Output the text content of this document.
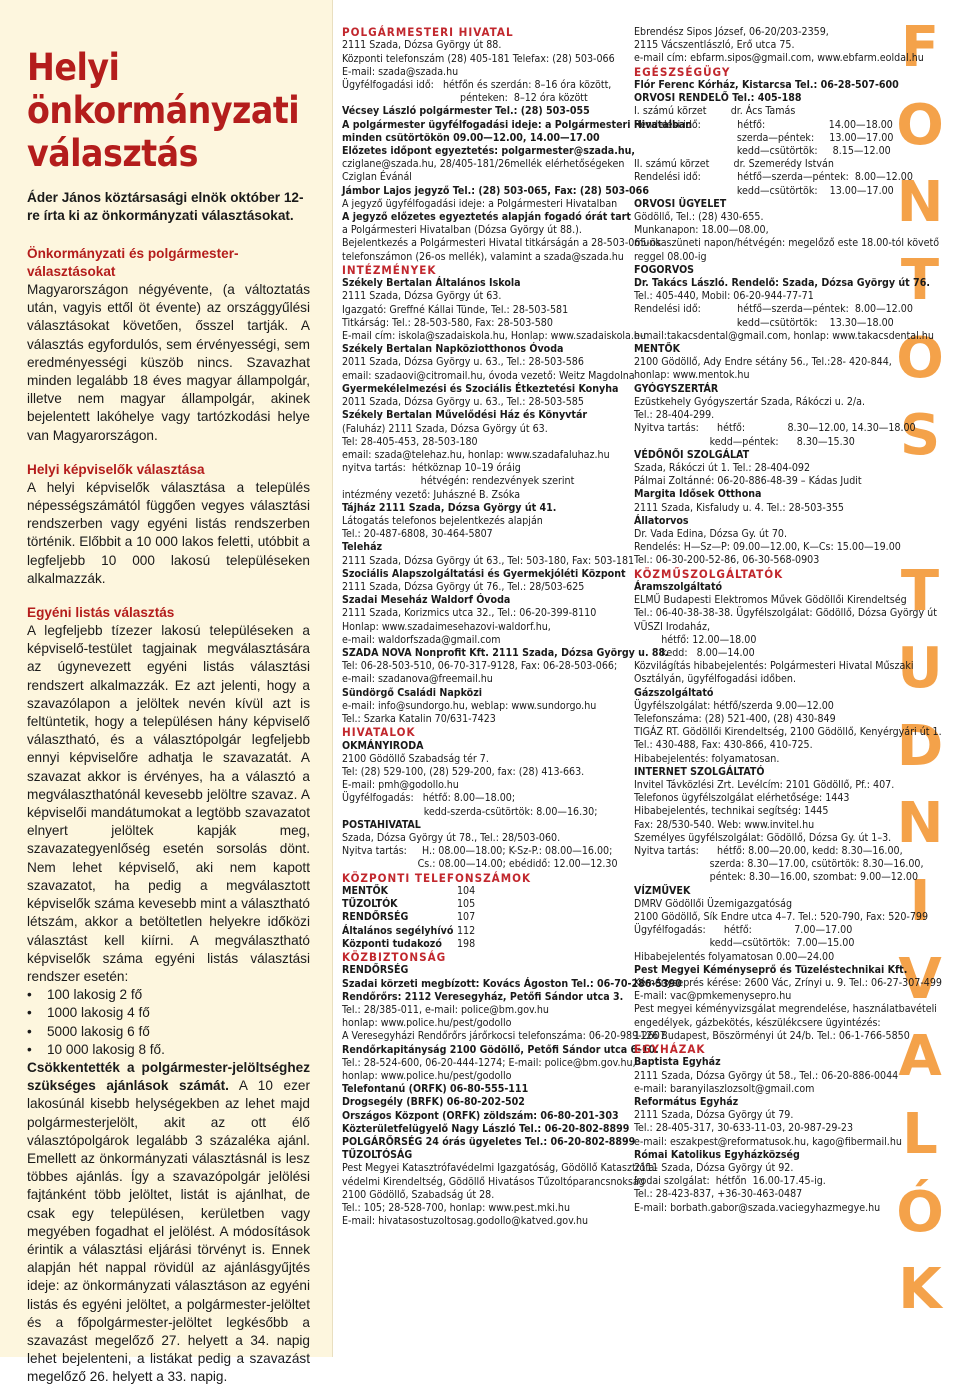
Helyi
önkormányzati
választás
Áder János köztársasági elnök október 12-re írta ki az önkormányzati választásokat.
Önkormányzati és polgármester-választásokat

Magyarországon négyévente, (a változtatás után, vagyis ettől öt évente) az országgyűlési választásokat követően, ősszel tartják. A választás egyfordulós, sem érvényességi, sem eredményességi küszöb nincs. Szavazhat minden legalább 18 éves magyar állampolgár, illetve nem magyar állampolgár, akinek bejelentett lakóhelye vagy tartózkodási helye van Magyarországon.

Helyi képviselők választása

A helyi képviselők választása a település népességszámától függően vegyes választási rendszerben vagy egyéni listás rendszerben történik. Előbbit a 10 000 lakos feletti, utóbbit a legfeljebb 10 000 lakosú településeken alkalmazzák.

Egyéni listás választás

A legfeljebb tízezer lakosú településeken a képviselő-testület tagjainak megválasztására az úgynevezett egyéni listás választási rendszert alkalmazzák. Ez azt jelenti, hogy a szavazólapon a jelöltek nevén kívül azt is feltüntetik, hogy a településen hány képviselő választható, és a választópolgár legfeljebb ennyi képviselőre adhatja le szavazatát. A szavazat akkor is érvényes, ha a választó a megválaszthatónál kevesebb jelöltre szavaz. A képviselői mandátumokat a legtöbb szavazatot elnyert jelöltek kapják meg, szavazategyenlőség esetén sorsolás dönt. Nem lehet képviselő, aki nem kapott szavazatot, ha pedig a megválasztott képviselők száma kevesebb mint a választható létszám, akkor a betöltetlen helyekre időközi választást kell kiírni. A megválasztható képviselők száma egyéni listás választási rendszer esetén:

• 100 lakosig 2 fő
• 1000 lakosig 4 fő
• 5000 lakosig 6 fő
• 10 000 lakosig 8 fő.

Csökkentették a polgármester-jelöltséghez szükséges ajánlások számát. A 10 ezer lakosúnál kisebb helységekben az lehet majd polgármesterjelölt, akit az ott élő választópolgárok legalább 3 százaléka ajánl. Emellett az önkormányzati választásnál is lesz többes ajánlás. Így a szavazópolgár jelölési fajtánként több jelöltet, listát is ajánlhat, de csak egy településen, kerületben vagy megyében fogadhat el jelölést. A módosítások érintik a választási eljárási törvényt is. Ennek alapján hét nappal rövidül az ajánlásgyűjtés ideje: az önkormányzati választáson az egyéni listás és egyéni jelöltet, a polgármester-jelöltet és a főpolgármester-jelöltet legkésőbb a szavazást megelőző 27. helyett a 34. napig lehet bejelenteni, a listákat pedig a szavazást megelőző 26. helyett a 33. napig.

POLGÁRMESTERI HIVATAL
2111 Szada, Dózsa György út 88.
Központi telefonszám (28) 405-181 Telefax: (28) 503-066
E-mail: szada@szada.hu
Ügyfélfogadási idő:   hétfőn és szerdán: 8–16 óra között,
pénteken:  8–12 óra között
Vécsey László polgármester Tel.: (28) 503-055
A polgármester ügyfélfogadási ideje: a Polgármesteri Hivatalban
minden csütörtökön 09.00—12.00, 14.00—17.00
Előzetes időpont egyeztetés: polgarmester@szada.hu,
cziglane@szada.hu, 28/405-181/26mellék elérhetőségeken
Cziglan Évánál
Jámbor Lajos jegyző Tel.: (28) 503-065, Fax: (28) 503-066
A jegyző ügyfélfogadási ideje: a Polgármesteri Hivatalban
A jegyző előzetes egyeztetés alapján fogadó órát tart
a Polgármesteri Hivatalban (Dózsa György út 88.).
Bejelentkezés a Polgármesteri Hivatal titkárságán a 28-503-065-ös
telefonszámon (26-os mellék), valamint a szada@szada.hu
INTÉZMÉNYEK
Székely Bertalan Általános Iskola
2111 Szada, Dózsa György út 63.
Igazgató: Greffné Kállai Tünde, Tel.: 28-503-581
Titkárság: Tel.: 28-503-580, Fax: 28-503-580
E-mail cím: iskola@szadaiskola.hu, Honlap: www.szadaiskola.hu
Székely Bertalan Napköziotthonos Óvoda
2011 Szada, Dózsa György u. 63., Tel.: 28-503-586
email: szadaovi@citromail.hu, óvoda vezető: Weitz Magdolna
Gyermekélelmezési és Szociális Étkeztetési Konyha
2011 Szada, Dózsa György u. 63., Tel.: 28-503-585
Székely Bertalan Művelődési Ház és Könyvtár
(Faluház) 2111 Szada, Dózsa György út 63.
Tel: 28-405-453, 28-503-180
email: szada@telehaz.hu, honlap: www.szadafaluhaz.hu
nyitva tartás:  hétköznap 10–19 óráig
hétvégén: rendezvények szerint
intézmény vezető: Juhászné B. Zsóka
Tájház 2111 Szada, Dózsa György út 41.
Látogatás telefonos bejelentkezés alapján
Tel.: 20-487-6808, 30-464-5807
Teleház
2111 Szada, Dózsa György út 63., Tel: 503-180, Fax: 503-181
Szociális Alapszolgáltatási és Gyermekjóléti Központ
2111 Szada, Dózsa György út 76., Tel.: 28/503-625
Szadai Meseház Waldorf Óvoda
2111 Szada, Korizmics utca 32., Tel.: 06-20-399-8110
Honlap: www.szadaimesehazovi-waldorf.hu,
e-mail: waldorfszada@gmail.com
SZADA NOVA Nonprofit Kft. 2111 Szada, Dózsa György u. 88.
Tel: 06-28-503-510, 06-70-317-9128, Fax: 06-28-503-066;
e-mail: szadanova@freemail.hu
Sündörgő Családi Napközi
e-mail: info@sundorgo.hu, weblap: www.sundorgo.hu
Tel.: Szarka Katalin 70/631-7423
HIVATALOK
OKMÁNYIRODA
2100 Gödöllő Szabadság tér 7.
Tel: (28) 529-100, (28) 529-200, fax: (28) 413-663.
E-mail: pmh@godollo.hu
Ügyfélfogadás:   hétfő: 8.00—18.00;
kedd-szerda-csütörtök: 8.00—16.30;
POSTAHIVATAL
Szada, Dózsa György út 78., Tel.: 28/503-060.
Nyitva tartás:     H.: 08.00—18.00; K-Sz-P.: 08.00—16.00;
Cs.: 08.00—14.00; ebédidő: 12.00—12.30
KÖZPONTI TELEFONSZÁMOK
MENTŐK	104
TŰZOLTÓK	105
RENDŐRSÉG	107
Általános segélyhívó 112
Központi tudakozó 198
KÖZBIZTONSÁG
RENDŐRSÉG
Szadai körzeti megbízott: Kovács Ágoston Tel.: 06-70-286-5390
Rendőrőrs: 2112 Veresegyház, Petőfi Sándor utca 3.
Tel.: 28/385-011, e-mail: police@bm.gov.hu
honlap: www.police.hu/pest/godollo
A Veresegyházi Rendőrőrs járőrkocsi telefonszáma: 06-20-989-2607
Rendőrkapitányság 2100 Gödöllő, Petőfi Sándor utca 6–10.
Tel.: 28-524-600, 06-20-444-1274; E-mail: police@bm.gov.hu,
honlap: www.police.hu/pest/godollo
Telefontanú (ORFK) 06-80-555-111
Drogsegély (BRFK) 06-80-202-502
Országos Központ (ORFK) zöldszám: 06-80-201-303
Közterületfelügyelő Nagy László Tel.: 06-20-802-8899
POLGÁRŐRSÉG 24 órás ügyeletes Tel.: 06-20-802-8899
TŰZOLTÓSÁG
Pest Megyei Katasztrófavédelmi Igazgatóság, Gödöllő Katasztrófa-
védelmi Kirendeltség, Gödöllő Hivatásos Tűzoltóparancsnokság
2100 Gödöllő, Szabadság út 28.
Tel.: 105; 28-528-700, honlap: www.pest.mki.hu
E-mail: hivatasostuzoltosag.godollo@katved.gov.hu
Ebrendész Sipos József, 06-20/203-2359,
2115 Vácszentlászló, Erő utca 75.
e-mail cím: ebfarm.sipos@gmail.com, www.ebfarm.eoldal.hu
EGÉSZSÉGÜGY
Flór Ferenc Kórház, Kistarcsa Tel.: 06-28-507-600
ORVOSI RENDELŐ Tel.: 405-188
I. számú körzet        dr. Ács Tamás
Rendelési idő:            hétfő:                     14.00—18.00
szerda—péntek:     13.00—17.00
kedd—csütörtök:     8.15—12.00
II. számú körzet        dr. Szemerédy István
Rendelési idő:            hétfő—szerda—péntek:  8.00—12.00
kedd—csütörtök:    13.00—17.00
ORVOSI ÜGYELET
Gödöllő, Tel.: (28) 430-655.
Munkanapon: 18.00—08.00,
munkaszüneti napon/hétvégén: megelőző este 18.00-tól követő
reggel 08.00-ig
FOGORVOS
Dr. Takács László. Rendelő: Szada, Dózsa György út 76.
Tel.: 405-440, Mobil: 06-20-944-77-71
Rendelési idő:            hétfő—szerda—péntek:  8.00—12.00
kedd—csütörtök:    13.30—18.00
e-mail:takacsdental@gmail.com, honlap: www.takacsdental.hu
MENTŐK
2100 Gödöllő, Ady Endre sétány 56., Tel.:28- 420-844,
honlap: www.mentok.hu
GYÓGYSZERTÁR
Ezüstkehely Gyógyszertár Szada, Rákóczi u. 2/a.
Tel.: 28-404-299.
Nyitva tartás:      hétfő:              8.30—12.00, 14.30—18.00
kedd—péntek:      8.30—15.30
VÉDŐNŐI SZOLGÁLAT
Szada, Rákóczi út 1. Tel.: 28-404-092
Pálmai Zoltánné: 06-20-886-48-39 – Kádas Judit
Margita Idősek Otthona
2111 Szada, Kisfaludy u. 4. Tel.: 28-503-355
Állatorvos
Dr. Vada Edina, Dózsa Gy. út 70.
Rendelés: H—Sz—P: 09.00—12.00, K—Cs: 15.00—19.00
Tel.: 06-30-200-52-86, 06-30-568-0903
KÖZMŰSZOLGÁLTATÓK
Áramszolgáltató
ELMŰ Budapesti Elektromos Művek Gödöllői Kirendeltség
Tel.: 06-40-38-38-38. Ügyfélszolgálat: Gödöllő, Dózsa György út
VÜSZI Irodaház,
hétfő: 12.00—18.00
kedd:   8.00—14.00
Közvilágítás hibabejelentés: Polgármesteri Hivatal Műszaki
Osztályán, ügyfélfogadási időben.
Gázszolgáltató
Ügyfélszolgálat: hétfő/szerda 9.00—12.00
Telefonszáma: (28) 521-400, (28) 430-849
TIGÁZ RT. Gödöllői Kirendeltség, 2100 Gödöllő, Kenyérgyári út 1.
Tel.: 430-488, Fax: 430-866, 410-725.
Hibabejelentés: folyamatosan.
INTERNET SZOLGÁLTATÓ
Invitel Távközlési Zrt. Levélcím: 2101 Gödöllő, Pf.: 407.
Telefonos ügyfélszolgálat elérhetősége: 1443
Hibabejelentés, technikai segítség: 1445
Fax: 28/530-540. Web: www.invitel.hu
Személyes ügyfélszolgálat: Gödöllő, Dózsa Gy. út 1–3.
Nyitva tartás:      hétfő: 8.00—20.00, kedd: 8.30—16.00,
szerda: 8.30—17.00, csütörtök: 8.30—16.00,
péntek: 8.30—16.00, szombat: 9.00—12.00
VÍZMŰVEK
DMRV Gödöllői Üzemigazgatóság
2100 Gödöllő, Sík Endre utca 4–7. Tel.: 520-790, Fax: 520-799
Ügyfélfogadás:      hétfő:              7.00—17.00
kedd—csütörtök:  7.00—15.00
Hibabejelentés folyamatosan 0.00—24.00
Pest Megyei Kéményseprő és Tüzeléstechnikai Kft.
Kéményseprés kérése: 2600 Vác, Zrínyi u. 9. Tel.: 06-27-307-499
E-mail: vac@pmkemenyseprо.hu
Pest megyei kéményvizsgálat megrendelése, használatbavételi
engedélyek, gázbekötés, készülékcsere ügyintézés:
1126 Budapest, Böszörményi út 24/b. Tel.: 06-1-766-5850
EGYHÁZAK
Baptista Egyház
2111 Szada, Dózsa György út 58., Tel.: 06-20-886-0044
e-mail: baranyilaszlozsolt@gmail.com
Református Egyház
2111 Szada, Dózsa György út 79.
Tel.: 28-405-317, 30-633-11-03, 20-987-29-23
e-mail: eszakpest@reformatusok.hu, kago@fibermail.hu
Római Katolikus Egyházközség
2111 Szada, Dózsa György út 92.
Irodai szolgálat:  hétfőn  16.00-17.45-ig.
Tel.: 28-423-837, +36-30-463-0487
E-mail: borbath.gabor@szada.vaciegyhazmegye.hu
F
O
N
T
O
S
T
U
D
N
I
V
A
L
Ó
K
